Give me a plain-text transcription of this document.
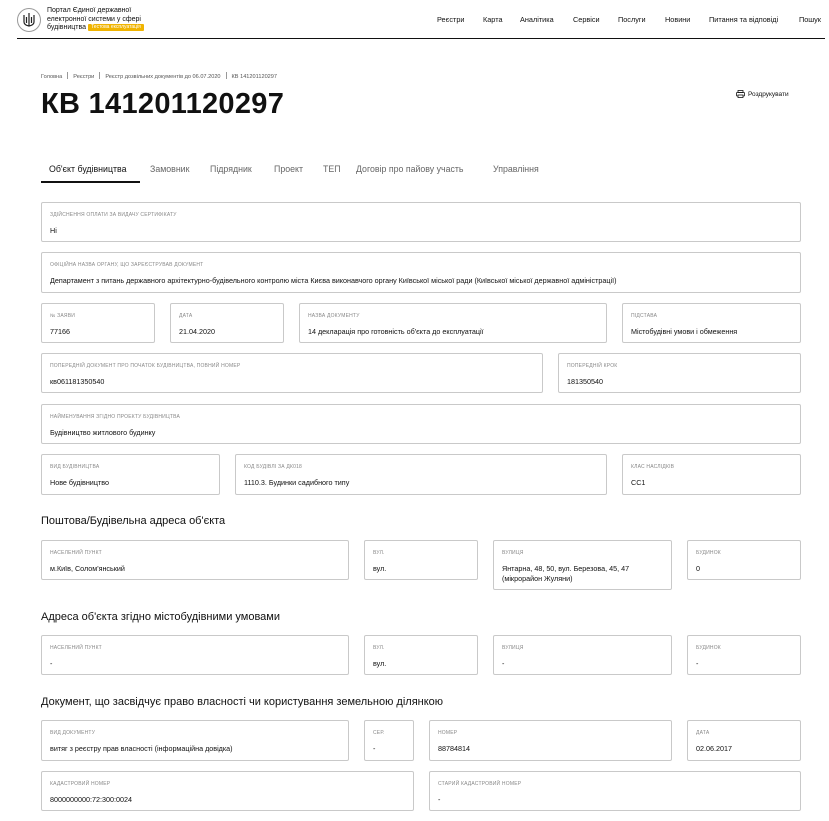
Портал Єдиної державної
електронної системи у сфері
будівництва Тестова експлуатація
Реєстри	Карта Аналітика	Сервіси	Послуги	Новини	Питання та відповіді	Пошук
Головна Реєстри Реєстр дозвільних документів до 06.07.2020 КВ 141201120297
КВ 141201120297	Роздрукувати
Об'єкт будівництва	Замовник Підрядник	Проект ТЕП Договір про пайову участь	Управління
ЗДІЙСНЕННЯ ОПЛАТИ ЗА ВИДАЧУ СЕРТИФІКАТУ
Ні
ОФІЦІЙНА НАЗВА ОРГАНУ, ЩО ЗАРЕЄСТРУВАВ ДОКУМЕНТ
Департамент з питань державного архітектурно-будівельного контролю міста Києва виконавчого органу Київської міської ради (Київської міської державної адміністрації)
№ ЗАЯВИ
77166
ДАТА
21.04.2020
НАЗВА ДОКУМЕНТУ
14 декларація про готовність об'єкта до експлуатації
ПІДСТАВА
Містобудівні умови і обмеження
ПОПЕРЕДНІЙ ДОКУМЕНТ ПРО ПОЧАТОК БУДІВНИЦТВА, ПОВНИЙ НОМЕР
кв061181350540
ПОПЕРЕДНІЙ КРОК
181350540
НАЙМЕНУВАННЯ ЗГІДНО ПРОЕКТУ БУДІВНИЦТВА
Будівництво житлового будинку
ВИД БУДІВНИЦТВА
Нове будівництво
КОД БУДІВЛІ ЗА ДК018
1110.3. Будинки садибного типу
КЛАС НАСЛІДКІВ
СС1
Поштова/Будівельна адреса об'єкта
НАСЕЛЕНИЙ ПУНКТ
м.Київ, Солом'янський
ВУЛ.
вул.
ВУЛИЦЯ
Янтарна, 48, 50, вул. Березова, 45, 47 (мікрорайон Жуляни)
БУДИНОК
0
Адреса об'єкта згідно містобудівними умовами
НАСЕЛЕНИЙ ПУНКТ
-
ВУЛ.
вул.
ВУЛИЦЯ
-
БУДИНОК
-
Документ, що засвідчує право власності чи користування земельною ділянкою
ВИД ДОКУМЕНТУ
витяг з реєстру прав власності (інформаційна довідка)
СЕР.
-
НОМЕР
88784814
ДАТА
02.06.2017
КАДАСТРОВИЙ НОМЕР
8000000000:72:300:0024
СТАРИЙ КАДАСТРОВИЙ НОМЕР
-
